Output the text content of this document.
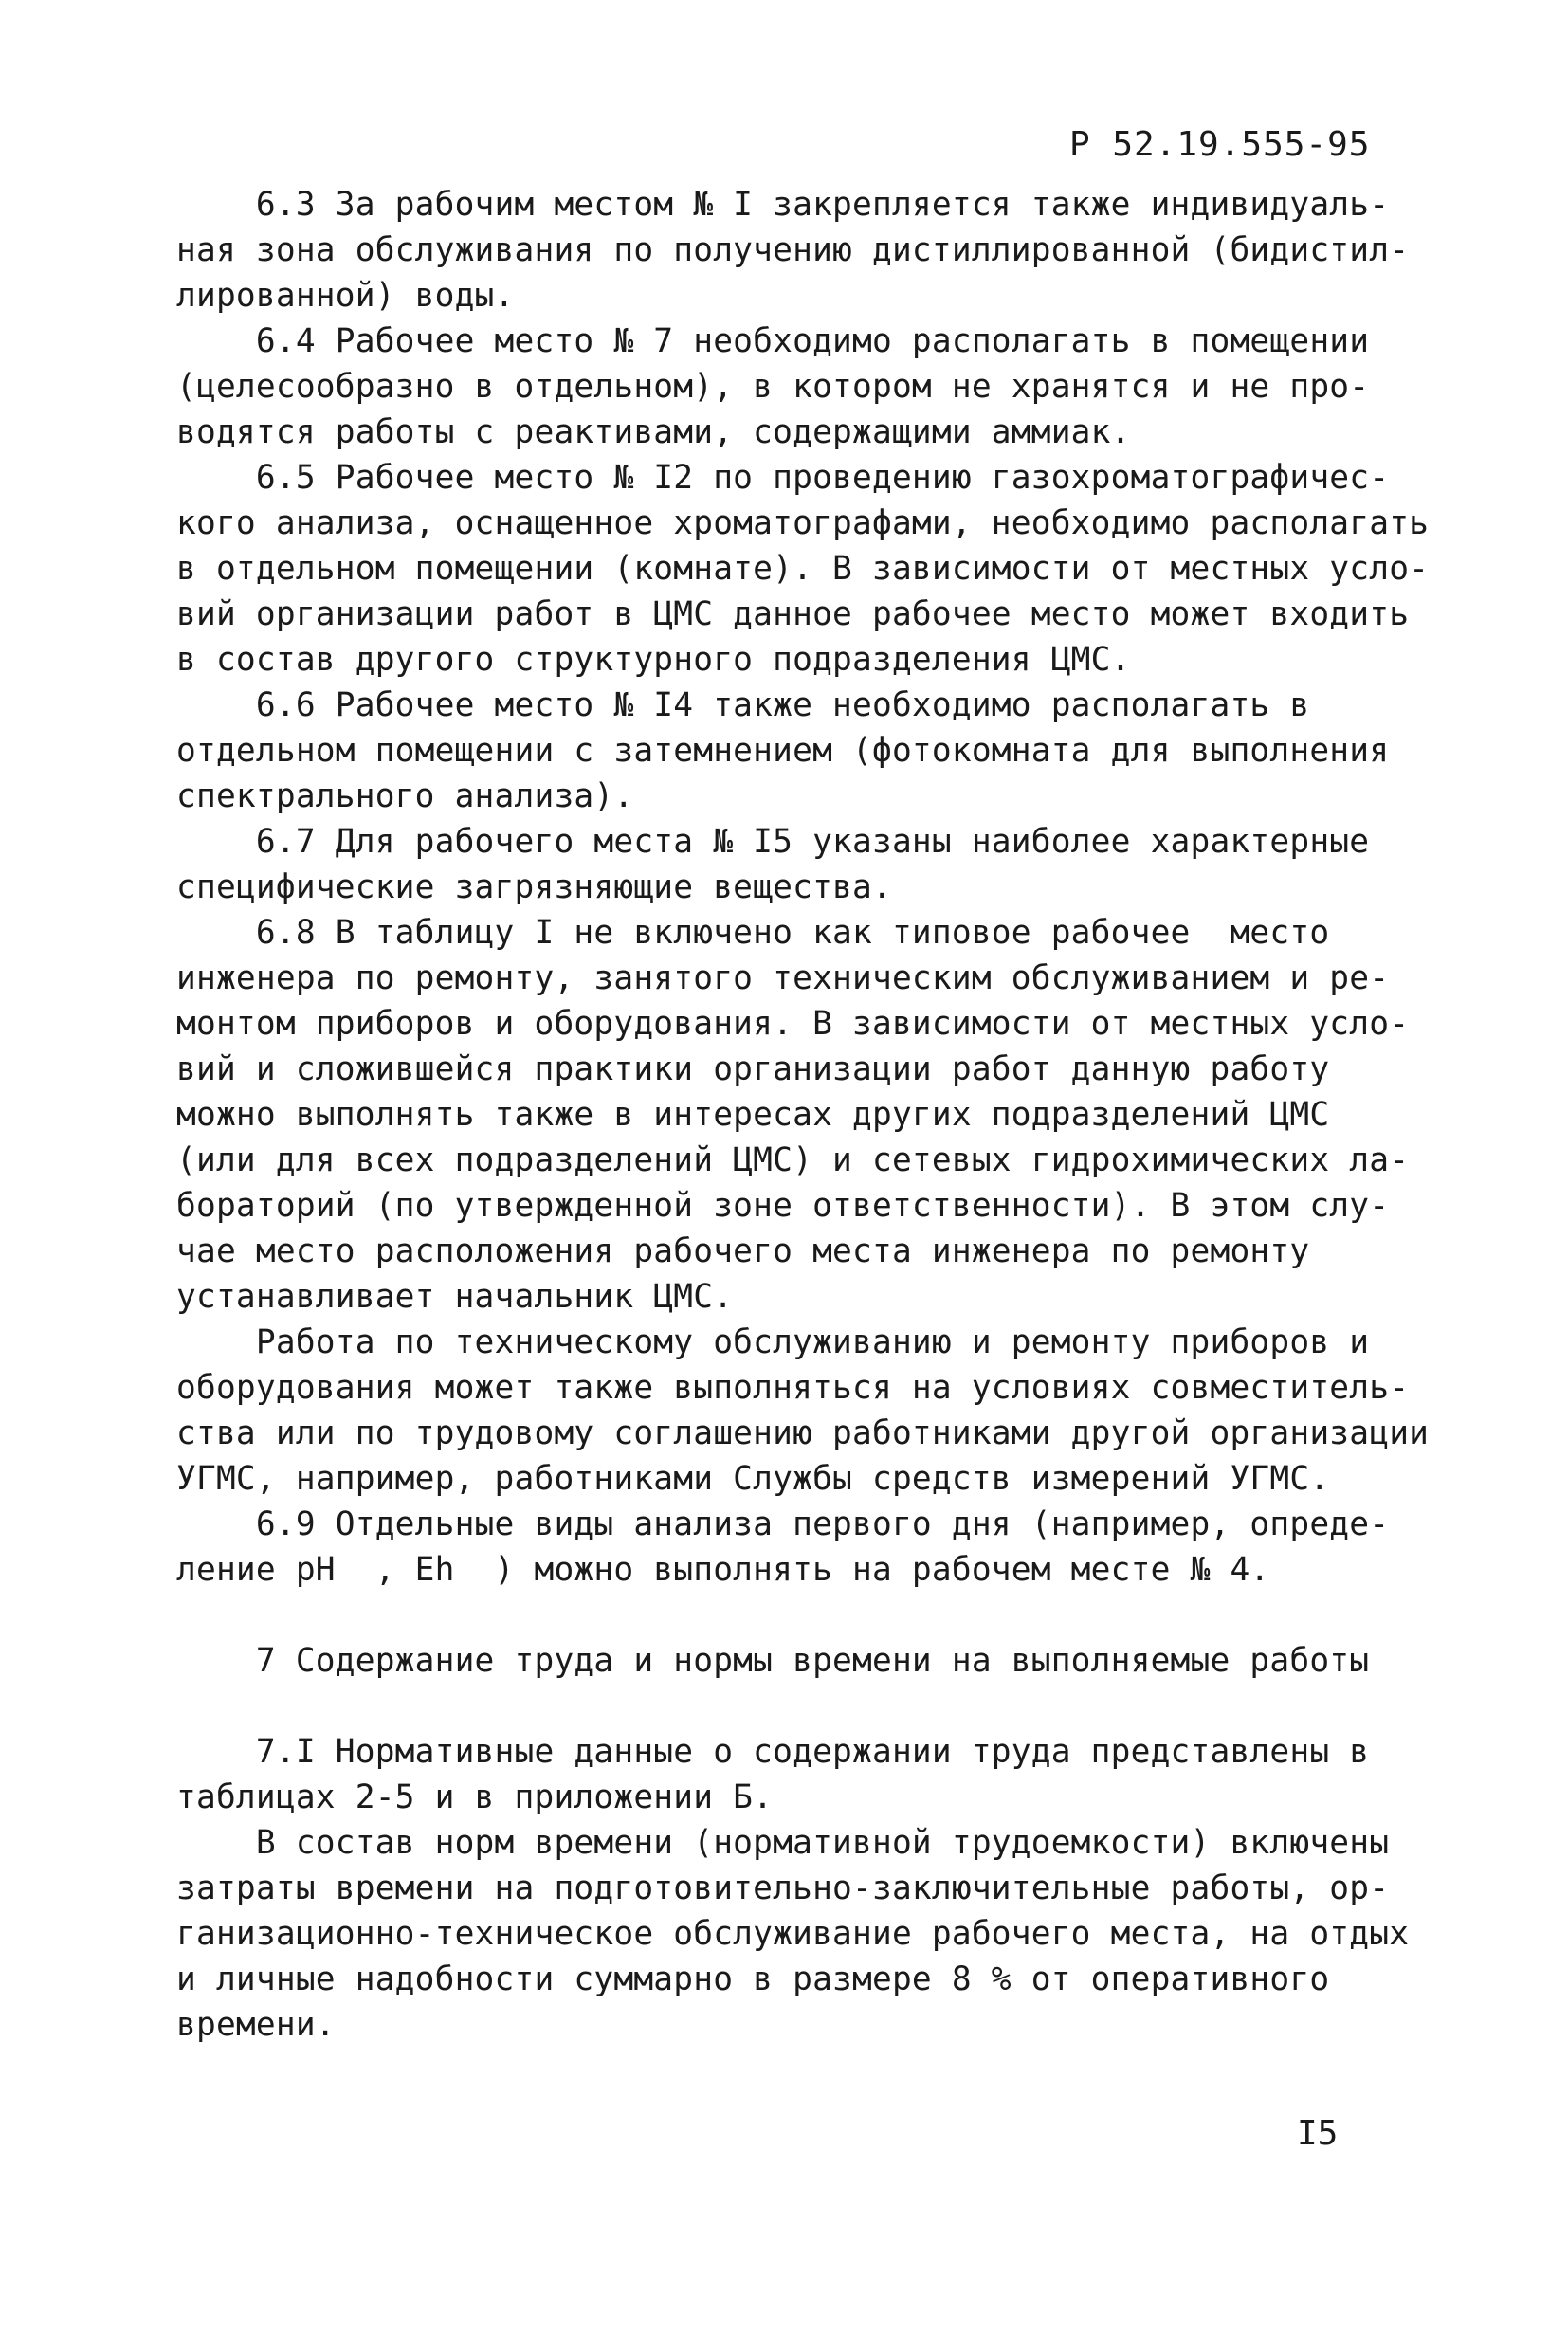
Р 52.19.555-95
6.3 За рабочим местом № I закрепляется также индивидуаль-
ная зона обслуживания по получению дистиллированной (бидистил-
лированной) воды.
6.4 Рабочее место № 7 необходимо располагать в помещении
(целесообразно в отдельном), в котором не хранятся и не про-
водятся работы с реактивами, содержащими аммиак.
6.5 Рабочее место № I2 по проведению газохроматографичес-
кого анализа, оснащенное хроматографами, необходимо располагать
в отдельном помещении (комнате). В зависимости от местных усло-
вий организации работ в ЦМС данное рабочее место может входить
в состав другого структурного подразделения ЦМС.
6.6 Рабочее место № I4 также необходимо располагать в
отдельном помещении с затемнением (фотокомната для выполнения
спектрального анализа).
6.7 Для рабочего места № I5 указаны наиболее характерные
специфические загрязняющие вещества.
6.8 В таблицу I не включено как типовое рабочее  место
инженера по ремонту, занятого техническим обслуживанием и ре-
монтом приборов и оборудования. В зависимости от местных усло-
вий и сложившейся практики организации работ данную работу
можно выполнять также в интересах других подразделений ЦМС
(или для всех подразделений ЦМС) и сетевых гидрохимических ла-
бораторий (по утвержденной зоне ответственности). В этом слу-
чае место расположения рабочего места инженера по ремонту
устанавливает начальник ЦМС.
Работа по техническому обслуживанию и ремонту приборов и
оборудования может также выполняться на условиях совместитель-
ства или по трудовому соглашению работниками другой организации
УГМС, например, работниками Службы средств измерений УГМС.
6.9 Отдельные виды анализа первого дня (например, опреде-
ление pH  , Eh  ) можно выполнять на рабочем месте № 4.
7 Содержание труда и нормы времени на выполняемые работы
7.I Нормативные данные о содержании труда представлены в
таблицах 2-5 и в приложении Б.
В состав норм времени (нормативной трудоемкости) включены
затраты времени на подготовительно-заключительные работы, ор-
ганизационно-техническое обслуживание рабочего места, на отдых
и личные надобности суммарно в размере 8 % от оперативного
времени.
I5
